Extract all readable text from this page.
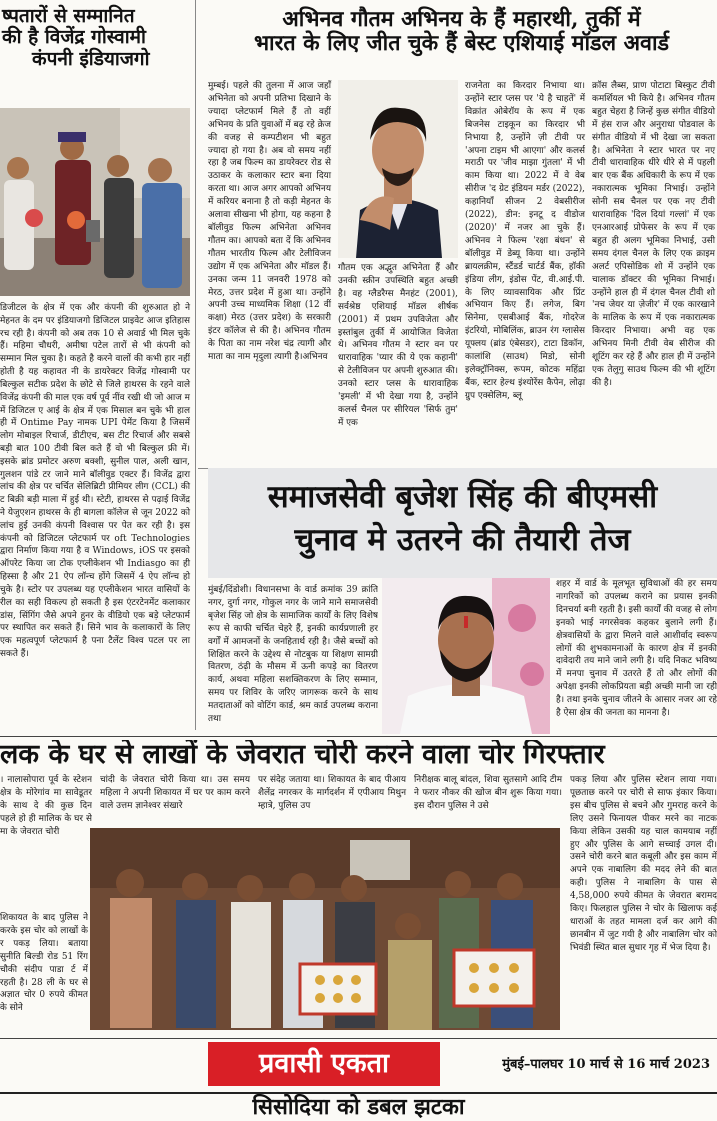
ष्पतारों से सम्मानित
की है विजेंद्र गोस्वामी
कंपनी इंडियाजगो
डिजीटल के क्षेत्र में एक और कंपनी की शुरुआत हो ने मेहनत के दम पर इंडियाजगो डिजिटल प्राइवेट आज इतिहास रच रही है। कंपनी को अब तक 10 से अवार्ड भी मिल चुके हैं। महिमा चौधरी, अमीषा पटेल तारों से भी कंपनी को सम्मान मिल चुका है। कहते है करने वालों की कभी हार नहीं होती है यह कहावत नी के डायरेक्टर विजेंद्र गोस्वामी पर बिल्कुल सटीक प्रदेश के छोटे से जिले हाथरस के रहने वाले विजेंद्र कंपनी की माल एक वर्ष पूर्व नींव रखी थी जो आज म में डिजिटल ए आई के क्षेत्र में एक मिसाल बन चुके भी हाल ही में Ontime Pay नामक UPI पेमेंट किया है जिसमें लोग मोबाइल रिचार्ज, डीटीएच, बस टीट रिचार्ज और सबसे बड़ी बात 100 टीवी बिल कते हैं वो भी बिल्कुल फ्री में। इसके ब्रांड प्रमोटर अरुण बक्शी, सुनील पाल, अली खान, गुलशन पांडे टर जाने माने बॉलीवुड एक्टर हैं। विजेंद्र द्वारा लांच की क्षेत्र पर चर्चित सेलिब्रिटी प्रीमियर लीग (CCL) की ट बिक्री बड़ी माला में हुई थी। स्टेटी, हाथरस से पढ़ाई विजेंद्र ने येजुएशन हाथरस के ही बागला कॉलेज से जून 2022 को लांच हुई उनकी कंपनी विश्वास पर पेत कर रही है। इस कंपनी को डिजिटल प्लेटफार्म पर oft Technologies द्वारा निर्माण किया गया है व Windows, iOS पर इसको ऑपरेट किया जा टोक एप्लीकेशन भी Indiasgo का ही हिस्सा है और 21 ऐप लॉन्च होंगे जिसमें 4 ऐप लॉन्च हो चुके है। स्टोर पर उपलब्ध यह एप्लीकेशन भारत वासियों के रील का सही विकल्प हो सकती है इस एंटरटेनमेंट कलाकार डांस, सिंगिंग जैसे अपने हुनर के वीडियो एक बड़े प्लेटफार्म पर स्थापित कर सकते हैं। सिने भाव के कलाकारों के लिए एक महत्वपूर्ण प्लेटफार्म है पना टैलेंट विश्व पटल पर ला सकते हैं।
अभिनव गौतम अभिनय के हैं महारथी, तुर्की में
भारत के लिए जीत चुके हैं बेस्ट एशियाई मॉडल अवार्ड
मुम्बई। पहले की तुलना में आज जहाँ अभिनेता को अपनी प्रतिभा दिखाने के ज्यादा प्लेटफार्म मिले हैं तो वहीं अभिनय के प्रति युवाओं में बढ़ रहे क्रेज की वजह से कम्पटीशन भी बहुत ज्यादा हो गया है। अब वो समय नहीं रहा है जब फिल्म का डायरेक्टर रोड से उठाकर के कलाकार स्टार बना दिया करता था। आज अगर आपको अभिनय में करियर बनाना है तो कड़ी मेहनत के अलावा सीखना भी होगा, यह कहना है बॉलीवुड फिल्म अभिनेता अभिनव गौतम का। आपको बता दें कि अभिनव गौतम भारतीय फिल्म और टेलीविजन उद्योग में एक अभिनेता और मॉडल हैं। उनका जन्म 11 जनवरी 1978 को मेरठ, उत्तर प्रदेश में हुआ था। उन्होंने अपनी उच्च माध्यमिक शिक्षा (12 वीं कक्षा) मेरठ (उत्तर प्रदेश) के सरकारी इंटर कॉलेज से की है। अभिनव गौतम के पिता का नाम नरेश चंद्र त्यागी और माता का नाम मृदुला त्यागी है।अभिनव
गौतम एक अद्भुत अभिनेता हैं और उनकी स्क्रीन उपस्थिति बहुत अच्छी है। वह ग्लैडरैग्स मैनहंट (2001), सर्वश्रेष्ठ एशियाई मॉडल शीर्षक (2001) में प्रथम उपविजेता और इस्तांबुल तुर्की में आयोजित विजेता थे। अभिनव गौतम ने स्टार वन पर धारावाहिक 'प्यार की ये एक कहानी' से टेलीविजन पर अपनी शुरुआत की। उनको स्टार प्लस के धारावाहिक 'इमली' में भी देखा गया है, उन्होंने कलर्स चैनल पर सीरियल 'सिर्फ तुम' में एक
राजनेता का किरदार निभाया था। उन्होंने स्टार प्लस पर 'ये है चाहतें' में विक्रांत ओबेरॉय के रूप में एक बिजनेस टाइकून का किरदार भी निभाया है, उन्होंने ज़ी टीवी पर 'अपना टाइम भी आएगा' और कलर्स मराठी पर 'जीव माझा गुंतला' में भी काम किया था। 2022 में वे वेब सीरीज 'द ग्रेट इंडियन मर्डर (2022), कहानियाँ सीजन 2 वेबसीरीज (2022), डीन: इनटू द वीडोज (2020)' में नजर आ चुके हैं। अभिनव ने फिल्म 'रक्षा बंधन' से बॉलीवुड में डेब्यू किया था। उन्होंने ब्रायलक्रीम, स्टैंडर्ड चार्टर्ड बैंक, हॉकी इंडिया लीग, इंडोस पेंट, वी.आई.पी. के लिए व्यावसायिक और प्रिंट अभियान किए हैं। लगेज, बिग सिनेमा, एसबीआई बैंक, गोदरेज इंटरियो, मोबिलिंक, ब्राउन रंग ग्लासेस यूफ्लय (ब्रांड एंबेसडर), टाटा डिकॉन, कालांशि (साउथ) मिडो, सोनी इलेक्ट्रॉनिक्स, रूपम, कोटक महिंद्रा बैंक, स्टार हेल्थ इंश्योरेंस कैपेन, लोढ़ा ग्रुप एक्सेलिम, ब्लू
क्रॉस लैब्स, प्राण पोटाटा बिस्कुट टीवी कमर्शियल भी किये है। अभिनव गौतम बहुत चेहरा है जिन्हें कुछ संगीत वीडियो में हंस राज और अनुराधा पोडवाल के संगीत वीडियो में भी देखा जा सकता है। अभिनेता ने स्टार भारत पर नए टीवी धारावाहिक धीरे धीरे से में पहली बार एक बैंक अधिकारी के रूप में एक नकारात्मक भूमिका निभाई। उन्होंने सोनी सब चैनल पर एक नए टीवी धारावाहिक 'दिल दियां गल्लां' में एक एनआरआई प्रोफेसर के रूप में एक बहुत ही अलग भूमिका निभाई, उसी समय दंगल चैनल के लिए एक क्राइम अलर्ट एपिसोडिक शो में उन्होंने एक चालाक डॉक्टर की भूमिका निभाई। उन्होंने हाल ही में दंगल चैनल टीवी शो 'नच जेयर या ज़ेजीर' में एक कारखाने के मालिक के रूप में एक नकारात्मक किरदार निभाया। अभी वह एक अभिनय मिनी टीवी वेब सीरीज की शूटिंग कर रहे हैं और हाल ही में उन्होंने एक तेलुगु साउथ फिल्म की भी शूटिंग की है।
समाजसेवी बृजेश सिंह की बीएमसी
चुनाव मे उतरने की तैयारी तेज
मुंबई/दिंडोशी। विधानसभा के वार्ड क्रमांक 39 क्रांति नगर, दुर्गा नगर, गोकुल नगर के जाने माने समाजसेवी बृजेश सिंह जो क्षेत्र के सामाजिक कार्यों के लिए विशेष रूप से काफी चर्चित चेहरे हैं, इनकी कार्यप्रणाली हर वर्गों में आमजनों के जनहितार्थ रही है। जैसे बच्चों को शिक्षित करने के उद्देश्य से नोटबुक या शिक्षण सामग्री वितरण, ठंढ़ी के मौसम में ऊनी कपड़े का वितरण कार्य, अथवा महिला सशक्तिकरण के लिए सम्मान, समय पर शिविर के जरिए जागरूक करने के साथ मतदाताओं को वोटिंग कार्ड, श्रम कार्ड उपलब्ध कराना तथा
शहर में वार्ड के मूलभूत सुविधाओं की हर समय नागरिकों को उपलब्ध कराने का प्रयास इनकी दिनचर्या बनी रहती है। इसी कार्यों की वजह से लोग इनको भाई नगरसेवक कहकर बुलाने लगी हैं। क्षेत्रवासियों के द्वारा मिलने वाले आशीर्वाद स्वरूप लोगों की शुभकामनाओं के कारण क्षेत्र में इनकी दावेदारी तय माने जाने लगी है। यदि निकट भविष्य में मनपा चुनाव में उतरते हैं तो और लोगों की अपेक्षा इनकी लोकप्रियता बड़ी अच्छी मानी जा रही है। तथा इनके चुनाव जीतने के आसार नजर आ रहे है ऐसा क्षेत्र की जनता का मानना है।
लक के घर से लाखों के जेवरात चोरी करने वाला चोर गिरफ्तार
। नालासोपारा पूर्व के स्टेशन क्षेत्र के मोरेगांव मा सावेडूतर के साथ दे की कुछ दिन पहले हो ही मालिक के घर से मा के जेवरात चोरी
चांदी के जेवरात चोरी किया था। उस समय महिला ने अपनी शिकायत में घर पर काम करने वाले उत्तम ज्ञानेश्वर संखारे
पर संदेह जताया था। शिकायत के बाद पीआय शैलेंद्र नगरकर के मार्गदर्शन में एपीआय मिथुन म्हात्रे, पुलिस उप
निरीक्षक बालू बांदल, शिवा सुतसागे आदि टीम ने फरार नौकर की खोज बीन शुरू किया गया। इस दौरान पुलिस ने उसे
पकड़ लिया और पुलिस स्टेशन लाया गया। पूछताछ करने पर चोरी से साफ इंकार किया। इस बीच पुलिस से बचने और गुमराह करने के लिए उसने फिनायल पीकर मरने का नाटक किया लेकिन उसकी यह चाल कामयाब नहीं हुए और पुलिस के आगे सच्चाई उगल दी। उसने चोरी करने बात कबूली और इस काम में अपने एक नाबालिग की मदद लेने की बात कही। पुलिस ने नाबालिग के पास से 4,58,000 रुपये कीमत के जेवरात बरामद किए। फिलहाल पुलिस ने चोर के खिलाफ कई धाराओं के तहत मामला दर्ज कर आगे की छानबीन में जुट गयी है और नाबालिग चोर को भिवंडी स्थित बाल सुधार गृह में भेज दिया है।
शिकायत के बाद पुलिस ने करके इस चोर को लाखों के र पकड़ लिया। बताया सुनीति बिल्डी रोड 51 रिंग चौकी संदीप पाडा र्ट में रहती है। 28 ली के घर से अज्ञात चोर 0 रुपये कीमत के सोने
प्रवासी एकता	मुंबई–पालघर 10 मार्च से 16 मार्च 2023
सिसोदिया को डबल झटका
